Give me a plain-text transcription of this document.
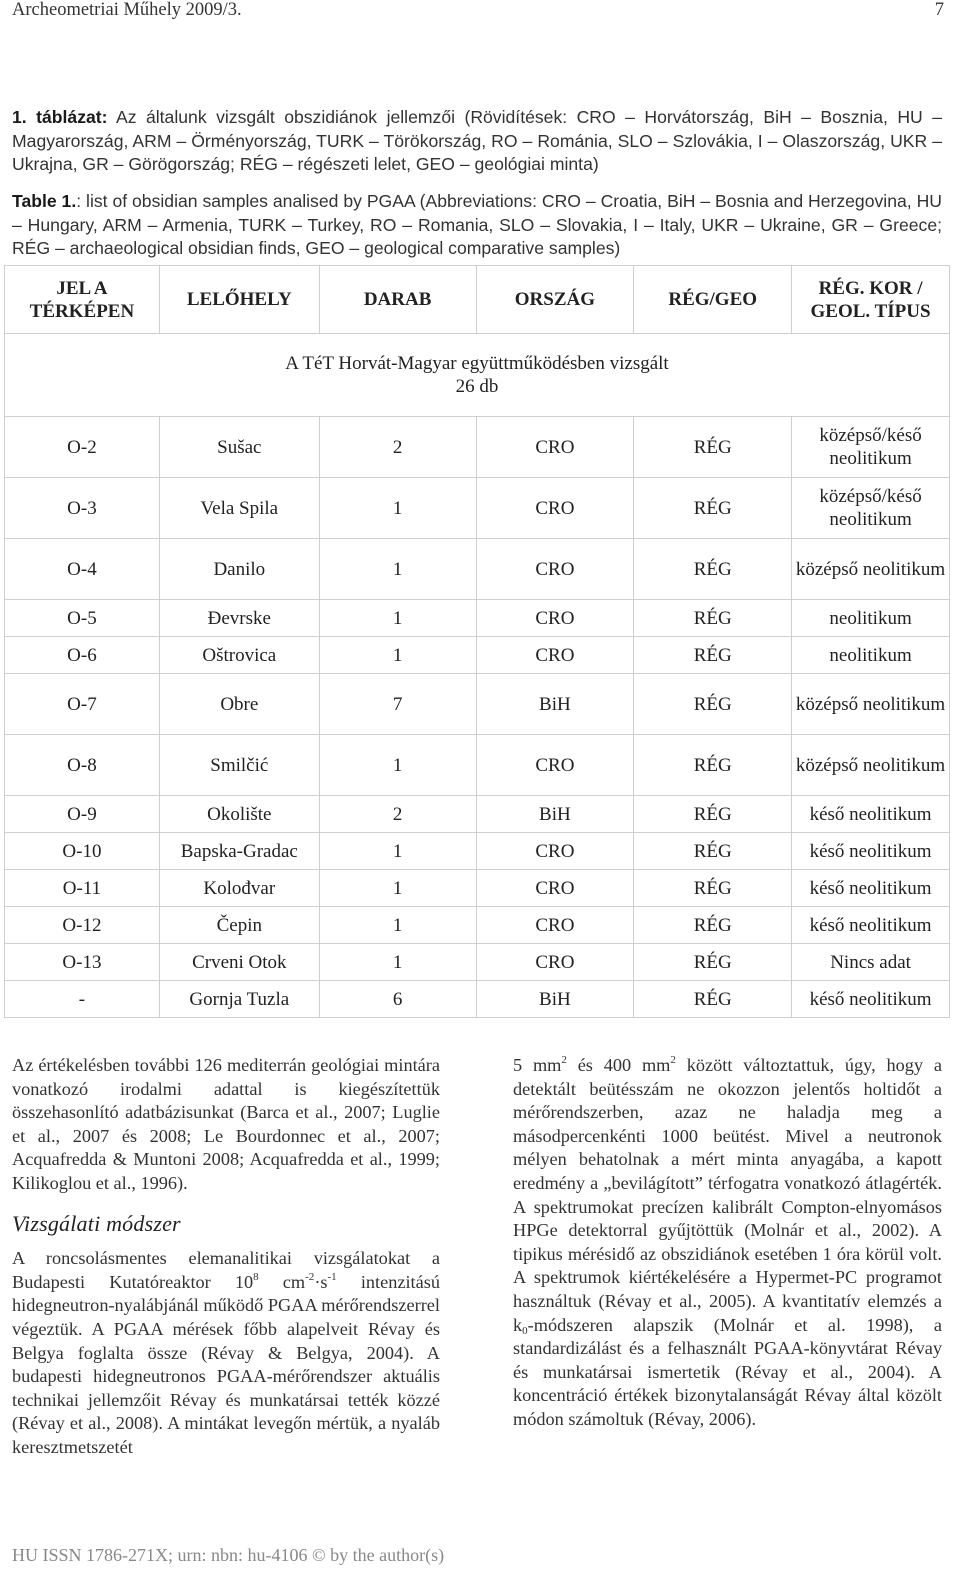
Archeometriai Műhely 2009/3.	7
1. táblázat: Az általunk vizsgált obszidiánok jellemzői (Rövidítések: CRO – Horvátország, BiH – Bosznia, HU – Magyarország, ARM – Örményország, TURK – Törökország, RO – Románia, SLO – Szlovákia, I – Olaszország, UKR – Ukrajna, GR – Görögország; RÉG – régészeti lelet, GEO – geológiai minta)
Table 1.: list of obsidian samples analised by PGAA (Abbreviations: CRO – Croatia, BiH – Bosnia and Herzegovina, HU – Hungary, ARM – Armenia, TURK – Turkey, RO – Romania, SLO – Slovakia, I – Italy, UKR – Ukraine, GR – Greece; RÉG – archaeological obsidian finds, GEO – geological comparative samples)
JEL A TÉRKÉPEN	LELŐHELY	DARAB	ORSZÁG	RÉG/GEO	RÉG. KOR / GEOL. TÍPUS

A TéT Horvát-Magyar együttműködésben vizsgált
26 db					

O-2	Sušac	2	CRO	RÉG	középső/késő neolitikum
O-3	Vela Spila	1	CRO	RÉG	középső/késő neolitikum
O-4	Danilo	1	CRO	RÉG	középső neolitikum
O-5	Đevrske	1	CRO	RÉG	neolitikum
O-6	Oštrovica	1	CRO	RÉG	neolitikum
O-7	Obre	7	BiH	RÉG	középső neolitikum
O-8	Smilčić	1	CRO	RÉG	középső neolitikum
O-9	Okolište	2	BiH	RÉG	késő neolitikum
O-10	Bapska-Gradac	1	CRO	RÉG	késő neolitikum
O-11	Kolođvar	1	CRO	RÉG	késő neolitikum
O-12	Čepin	1	CRO	RÉG	késő neolitikum
O-13	Crveni Otok	1	CRO	RÉG	Nincs adat
-	Gornja Tuzla	6	BiH	RÉG	késő neolitikum

Az értékelésben további 126 mediterrán geológiai mintára vonatkozó irodalmi adattal is kiegészítettük összehasonlító adatbázisunkat (Barca et al., 2007; Luglie et al., 2007 és 2008; Le Bourdonnec et al., 2007; Acquafredda & Muntoni 2008; Acquafredda et al., 1999; Kilikoglou et al., 1996).

Vizsgálati módszer

A roncsolásmentes elemanalitikai vizsgálatokat a Budapesti Kutatóreaktor $10^8$ $cm^{-2}\cdot s^{-1}$ intenzitású hidegneutron-nyalábjánál működő PGAA mérőrendszerrel végeztük. A PGAA mérések főbb alapelveit Révay és Belgya foglalta össze (Révay & Belgya, 2004). A budapesti hidegneutronos PGAA-mérőrendszer aktuális technikai jellemzőit Révay és munkatársai tették közzé (Révay et al., 2008). A mintákat levegőn mértük, a nyaláb keresztmetszetét

5 $mm^2$ és 400 $mm^2$ között változtattuk, úgy, hogy a detektált beütésszám ne okozzon jelentős holtidőt a mérőrendszerben, azaz ne haladja meg a másodpercenkénti 1000 beütést. Mivel a neutronok mélyen behatolnak a mért minta anyagába, a kapott eredmény a „bevilágított” térfogatra vonatkozó átlagérték. A spektrumokat precízen kalibrált Compton-elnyomásos HPGe detektorral gyűjtöttük (Molnár et al., 2002). A tipikus mérésidő az obszidiánok esetében 1 óra körül volt. A spektrumok kiértékelésére a Hypermet-PC programot használtuk (Révay et al., 2005). A kvantitatív elemzés a $k_0$-módszeren alapszik (Molnár et al. 1998), a standardizálást és a felhasznált PGAA-könyvtárat Révay és munkatársai ismertetik (Révay et al., 2004). A koncentráció értékek bizonytalanságát Révay által közölt módon számoltuk (Révay, 2006).

HU ISSN 1786-271X; urn: nbn: hu-4106 © by the author(s)
